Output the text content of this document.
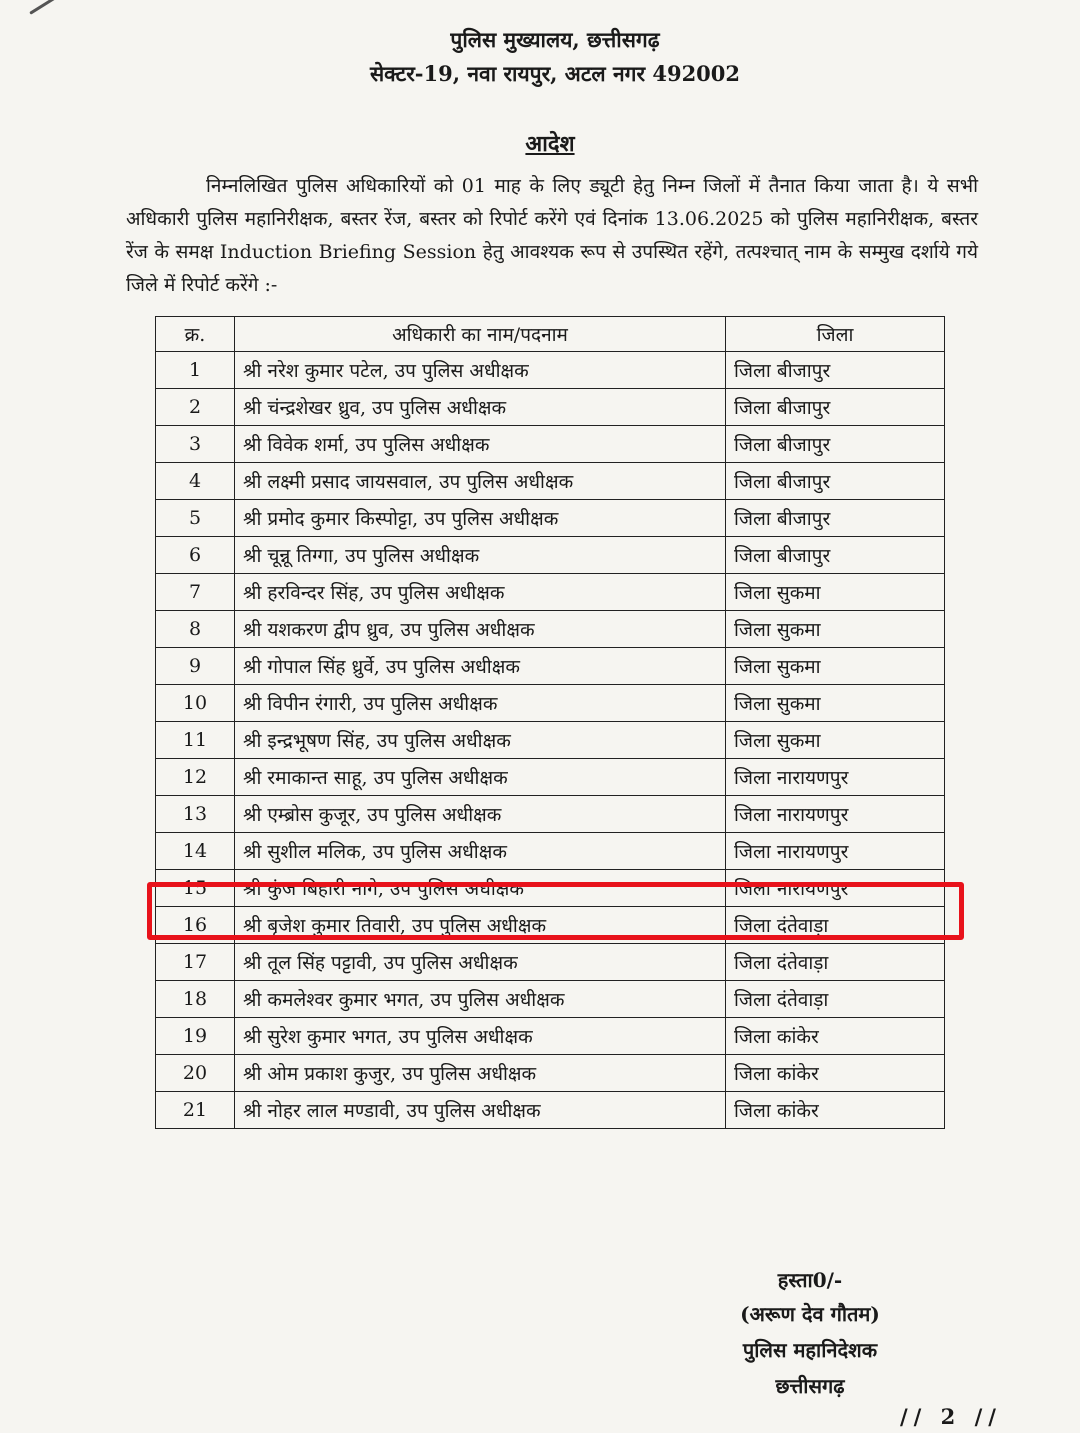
पुलिस मुख्यालय, छत्तीसगढ़
सेक्टर-19, नवा रायपुर, अटल नगर 492002
आदेश
निम्नलिखित पुलिस अधिकारियों को 01 माह के लिए ड्यूटी हेतु निम्न जिलों में तैनात किया जाता है। ये सभी अधिकारी पुलिस महानिरीक्षक, बस्तर रेंज, बस्तर को रिपोर्ट करेंगे एवं दिनांक 13.06.2025 को पुलिस महानिरीक्षक, बस्तर रेंज के समक्ष Induction Briefing Session हेतु आवश्यक रूप से उपस्थित रहेंगे, तत्पश्चात् नाम के सम्मुख दर्शाये गये जिले में रिपोर्ट करेंगे :-
क्र.	अधिकारी का नाम/पदनाम	जिला
1	श्री नरेश कुमार पटेल, उप पुलिस अधीक्षक	जिला बीजापुर
2	श्री चंन्द्रशेखर ध्रुव, उप पुलिस अधीक्षक	जिला बीजापुर
3	श्री विवेक शर्मा, उप पुलिस अधीक्षक	जिला बीजापुर
4	श्री लक्ष्मी प्रसाद जायसवाल, उप पुलिस अधीक्षक	जिला बीजापुर
5	श्री प्रमोद कुमार किस्पोट्टा, उप पुलिस अधीक्षक	जिला बीजापुर
6	श्री चून्नू तिग्गा, उप पुलिस अधीक्षक	जिला बीजापुर
7	श्री हरविन्दर सिंह, उप पुलिस अधीक्षक	जिला सुकमा
8	श्री यशकरण द्वीप ध्रुव, उप पुलिस अधीक्षक	जिला सुकमा
9	श्री गोपाल सिंह ध्रुर्वे, उप पुलिस अधीक्षक	जिला सुकमा
10	श्री विपीन रंगारी, उप पुलिस अधीक्षक	जिला सुकमा
11	श्री इन्द्रभूषण सिंह, उप पुलिस अधीक्षक	जिला सुकमा
12	श्री रमाकान्त साहू, उप पुलिस अधीक्षक	जिला नारायणपुर
13	श्री एम्ब्रोस कुजूर, उप पुलिस अधीक्षक	जिला नारायणपुर
14	श्री सुशील मलिक, उप पुलिस अधीक्षक	जिला नारायणपुर
15	श्री कुंज बिहारी नागे, उप पुलिस अधीक्षक	जिला नारायणपुर
16	श्री बृजेश कुमार तिवारी, उप पुलिस अधीक्षक	जिला दंतेवाड़ा
17	श्री तूल सिंह पट्टावी, उप पुलिस अधीक्षक	जिला दंतेवाड़ा
18	श्री कमलेश्वर कुमार भगत, उप पुलिस अधीक्षक	जिला दंतेवाड़ा
19	श्री सुरेश कुमार भगत, उप पुलिस अधीक्षक	जिला कांकेर
20	श्री ओम प्रकाश कुजुर, उप पुलिस अधीक्षक	जिला कांकेर
21	श्री नोहर लाल मण्डावी, उप पुलिस अधीक्षक	जिला कांकेर
हस्ता0/-
(अरूण देव गौतम)
पुलिस महानिदेशक
छत्तीसगढ़
// 2 //
